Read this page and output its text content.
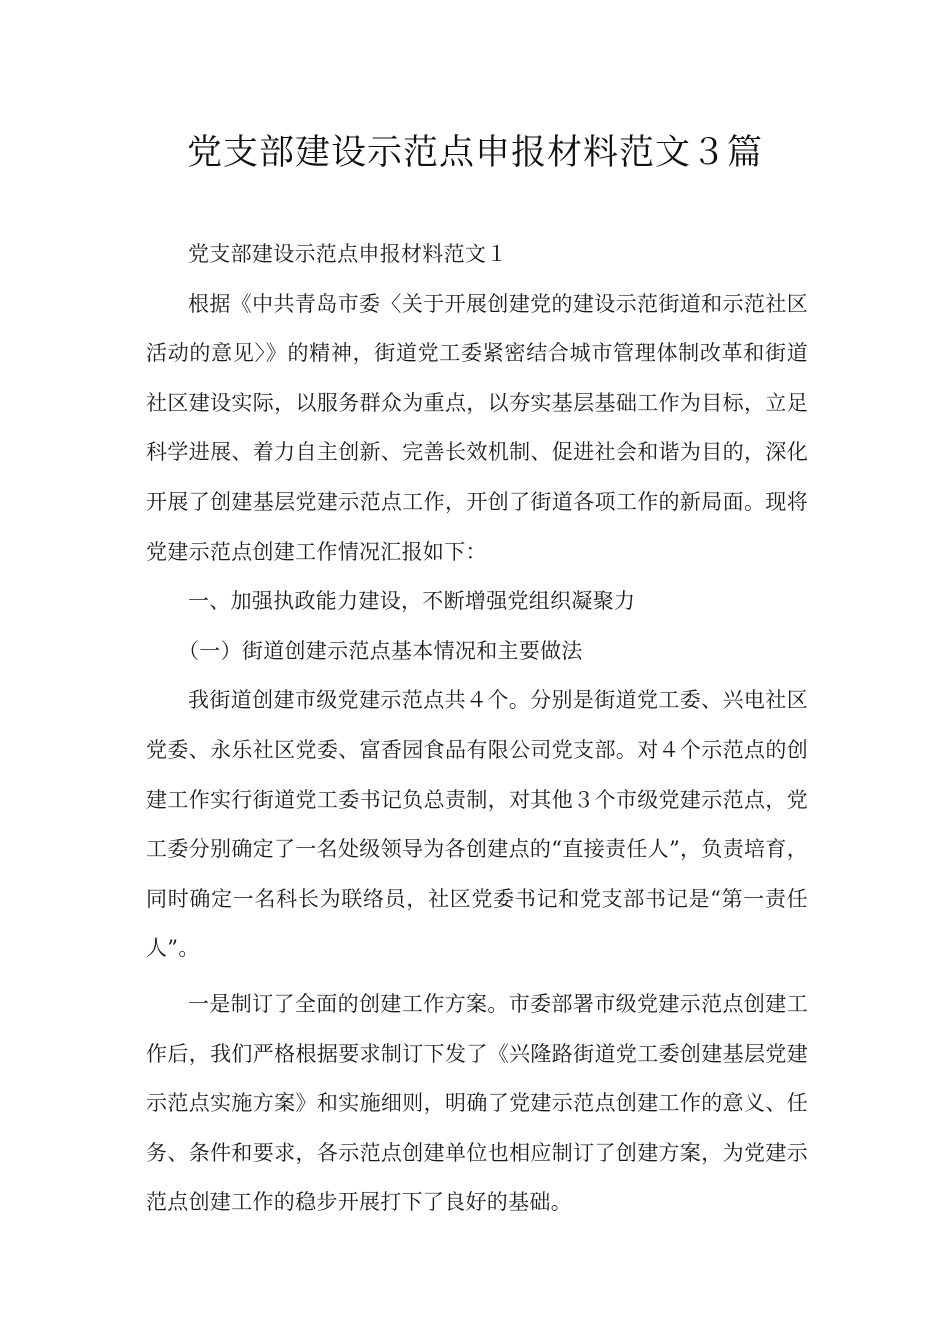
党支部建设示范点申报材料范文３篇

党支部建设示范点申报材料范文１

根据《中共青岛市委〈关于开展创建党的建设示范街道和示范社区活动的意见〉》的精神，街道党工委紧密结合城市管理体制改革和街道社区建设实际，以服务群众为重点，以夯实基层基础工作为目标，立足科学进展、着力自主创新、完善长效机制、促进社会和谐为目的，深化开展了创建基层党建示范点工作，开创了街道各项工作的新局面。现将党建示范点创建工作情况汇报如下：

一、加强执政能力建设，不断增强党组织凝聚力

（一）街道创建示范点基本情况和主要做法

我街道创建市级党建示范点共４个。分别是街道党工委、兴电社区党委、永乐社区党委、富香园食品有限公司党支部。对４个示范点的创建工作实行街道党工委书记负总责制，对其他３个市级党建示范点，党工委分别确定了一名处级领导为各创建点的“直接责任人”，负责培育，同时确定一名科长为联络员，社区党委书记和党支部书记是“第一责任人”。

一是制订了全面的创建工作方案。市委部署市级党建示范点创建工作后，我们严格根据要求制订下发了《兴隆路街道党工委创建基层党建示范点实施方案》和实施细则，明确了党建示范点创建工作的意义、任务、条件和要求，各示范点创建单位也相应制订了创建方案，为党建示范点创建工作的稳步开展打下了良好的基础。
